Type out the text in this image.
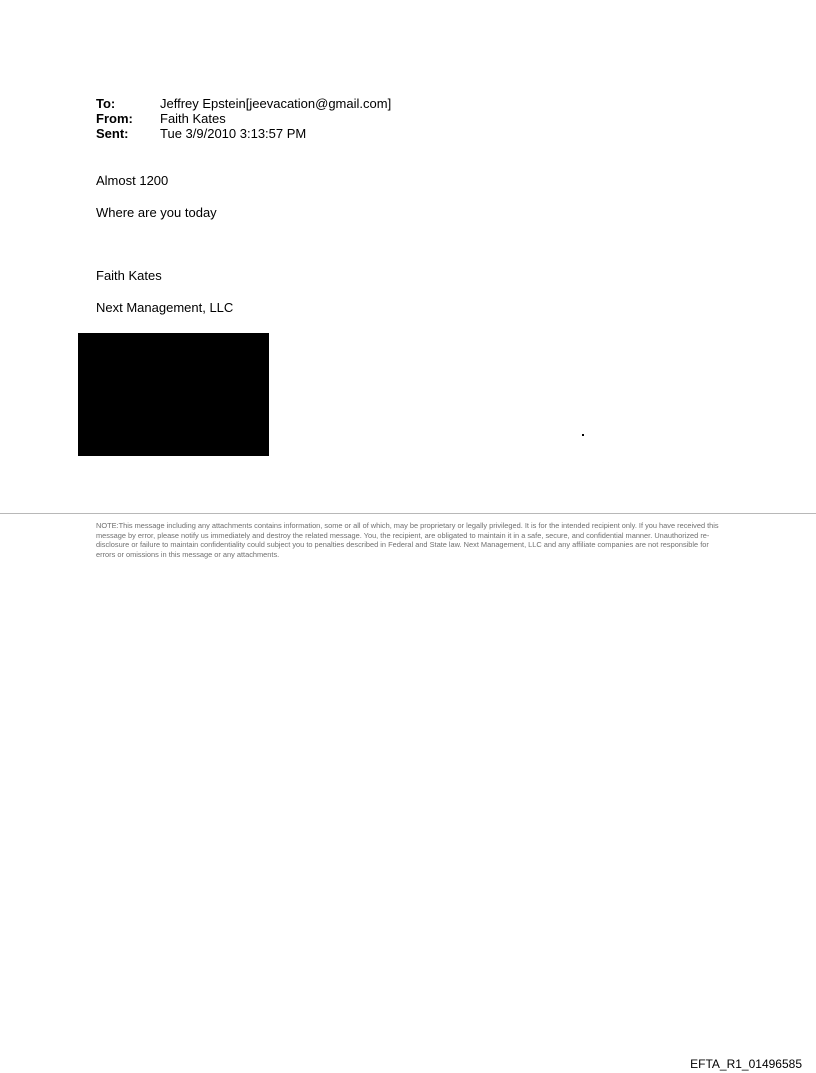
To:	Jeffrey Epstein[jeevacation@gmail.com]
From:	Faith Kates
Sent:	Tue 3/9/2010 3:13:57 PM
Almost 1200
Where are you today
Faith Kates
Next Management, LLC
NOTE:This message including any attachments contains information, some or all of which, may be proprietary or legally privileged. It is for the intended recipient only. If you have received this message by error, please notify us immediately and destroy the related message. You, the recipient, are obligated to maintain it in a safe, secure, and confidential manner. Unauthorized re-disclosure or failure to maintain confidentiality could subject you to penalties described in Federal and State law. Next Management, LLC and any affiliate companies are not responsible for errors or omissions in this message or any attachments.
EFTA_R1_01496585
